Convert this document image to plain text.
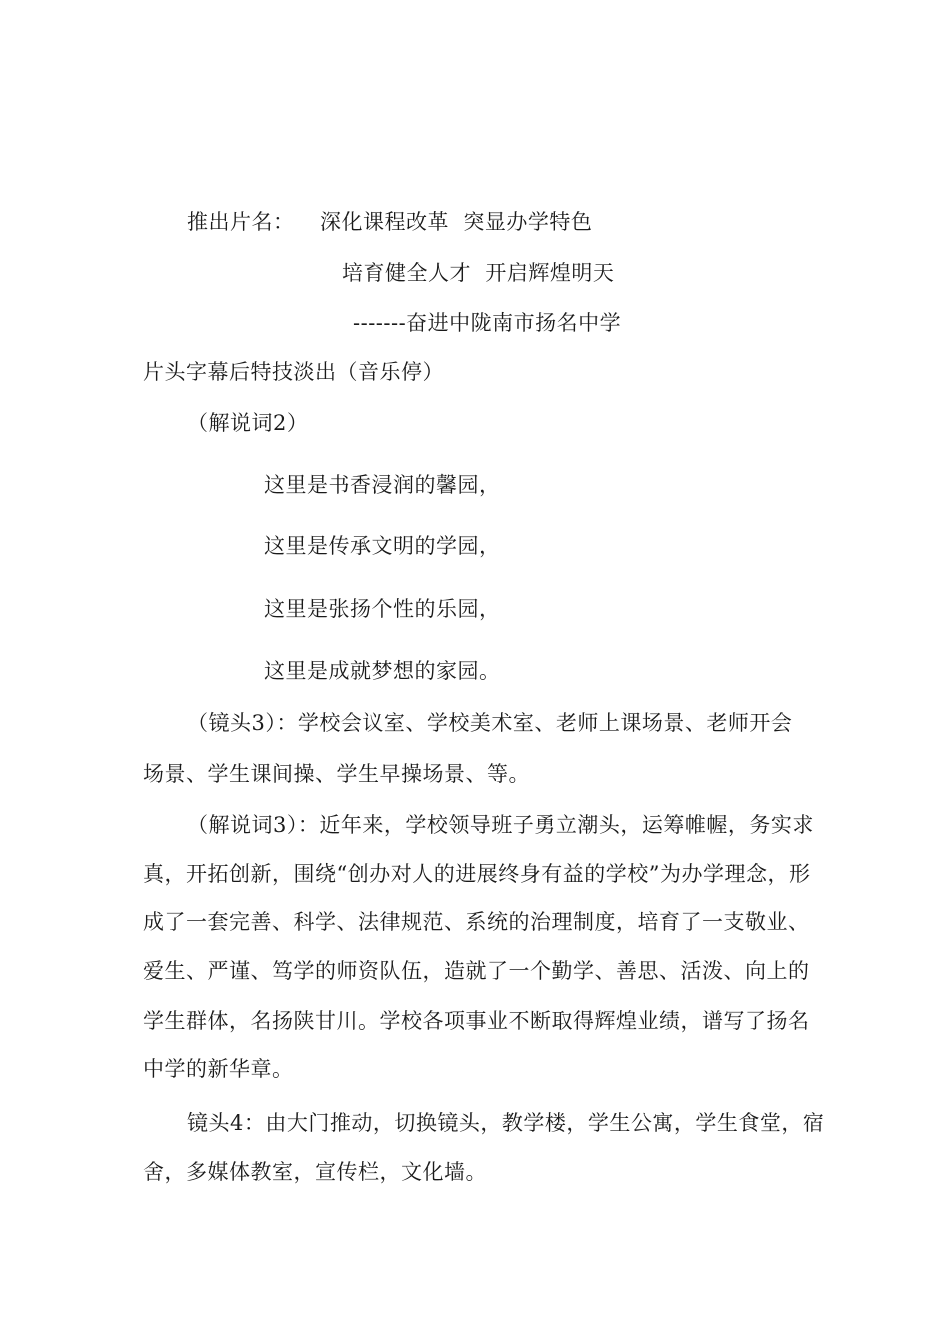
推出片名： 深化课程改革  突显办学特色
培育健全人才  开启辉煌明天
-------奋进中陇南市扬名中学
片头字幕后特技淡出（音乐停）
（解说词2）
这里是书香浸润的馨园，
这里是传承文明的学园，
这里是张扬个性的乐园，
这里是成就梦想的家园。
（镜头3）：学校会议室、学校美术室、老师上课场景、老师开会
场景、学生课间操、学生早操场景、等。
（解说词3）：近年来，学校领导班子勇立潮头，运筹帷幄，务实求
真，开拓创新，围绕“创办对人的进展终身有益的学校”为办学理念，形
成了一套完善、科学、法律规范、系统的治理制度，培育了一支敬业、
爱生、严谨、笃学的师资队伍，造就了一个勤学、善思、活泼、向上的
学生群体，名扬陕甘川。学校各项事业不断取得辉煌业绩，谱写了扬名
中学的新华章。
镜头4：由大门推动，切换镜头，教学楼，学生公寓，学生食堂，宿
舍，多媒体教室，宣传栏，文化墙。
